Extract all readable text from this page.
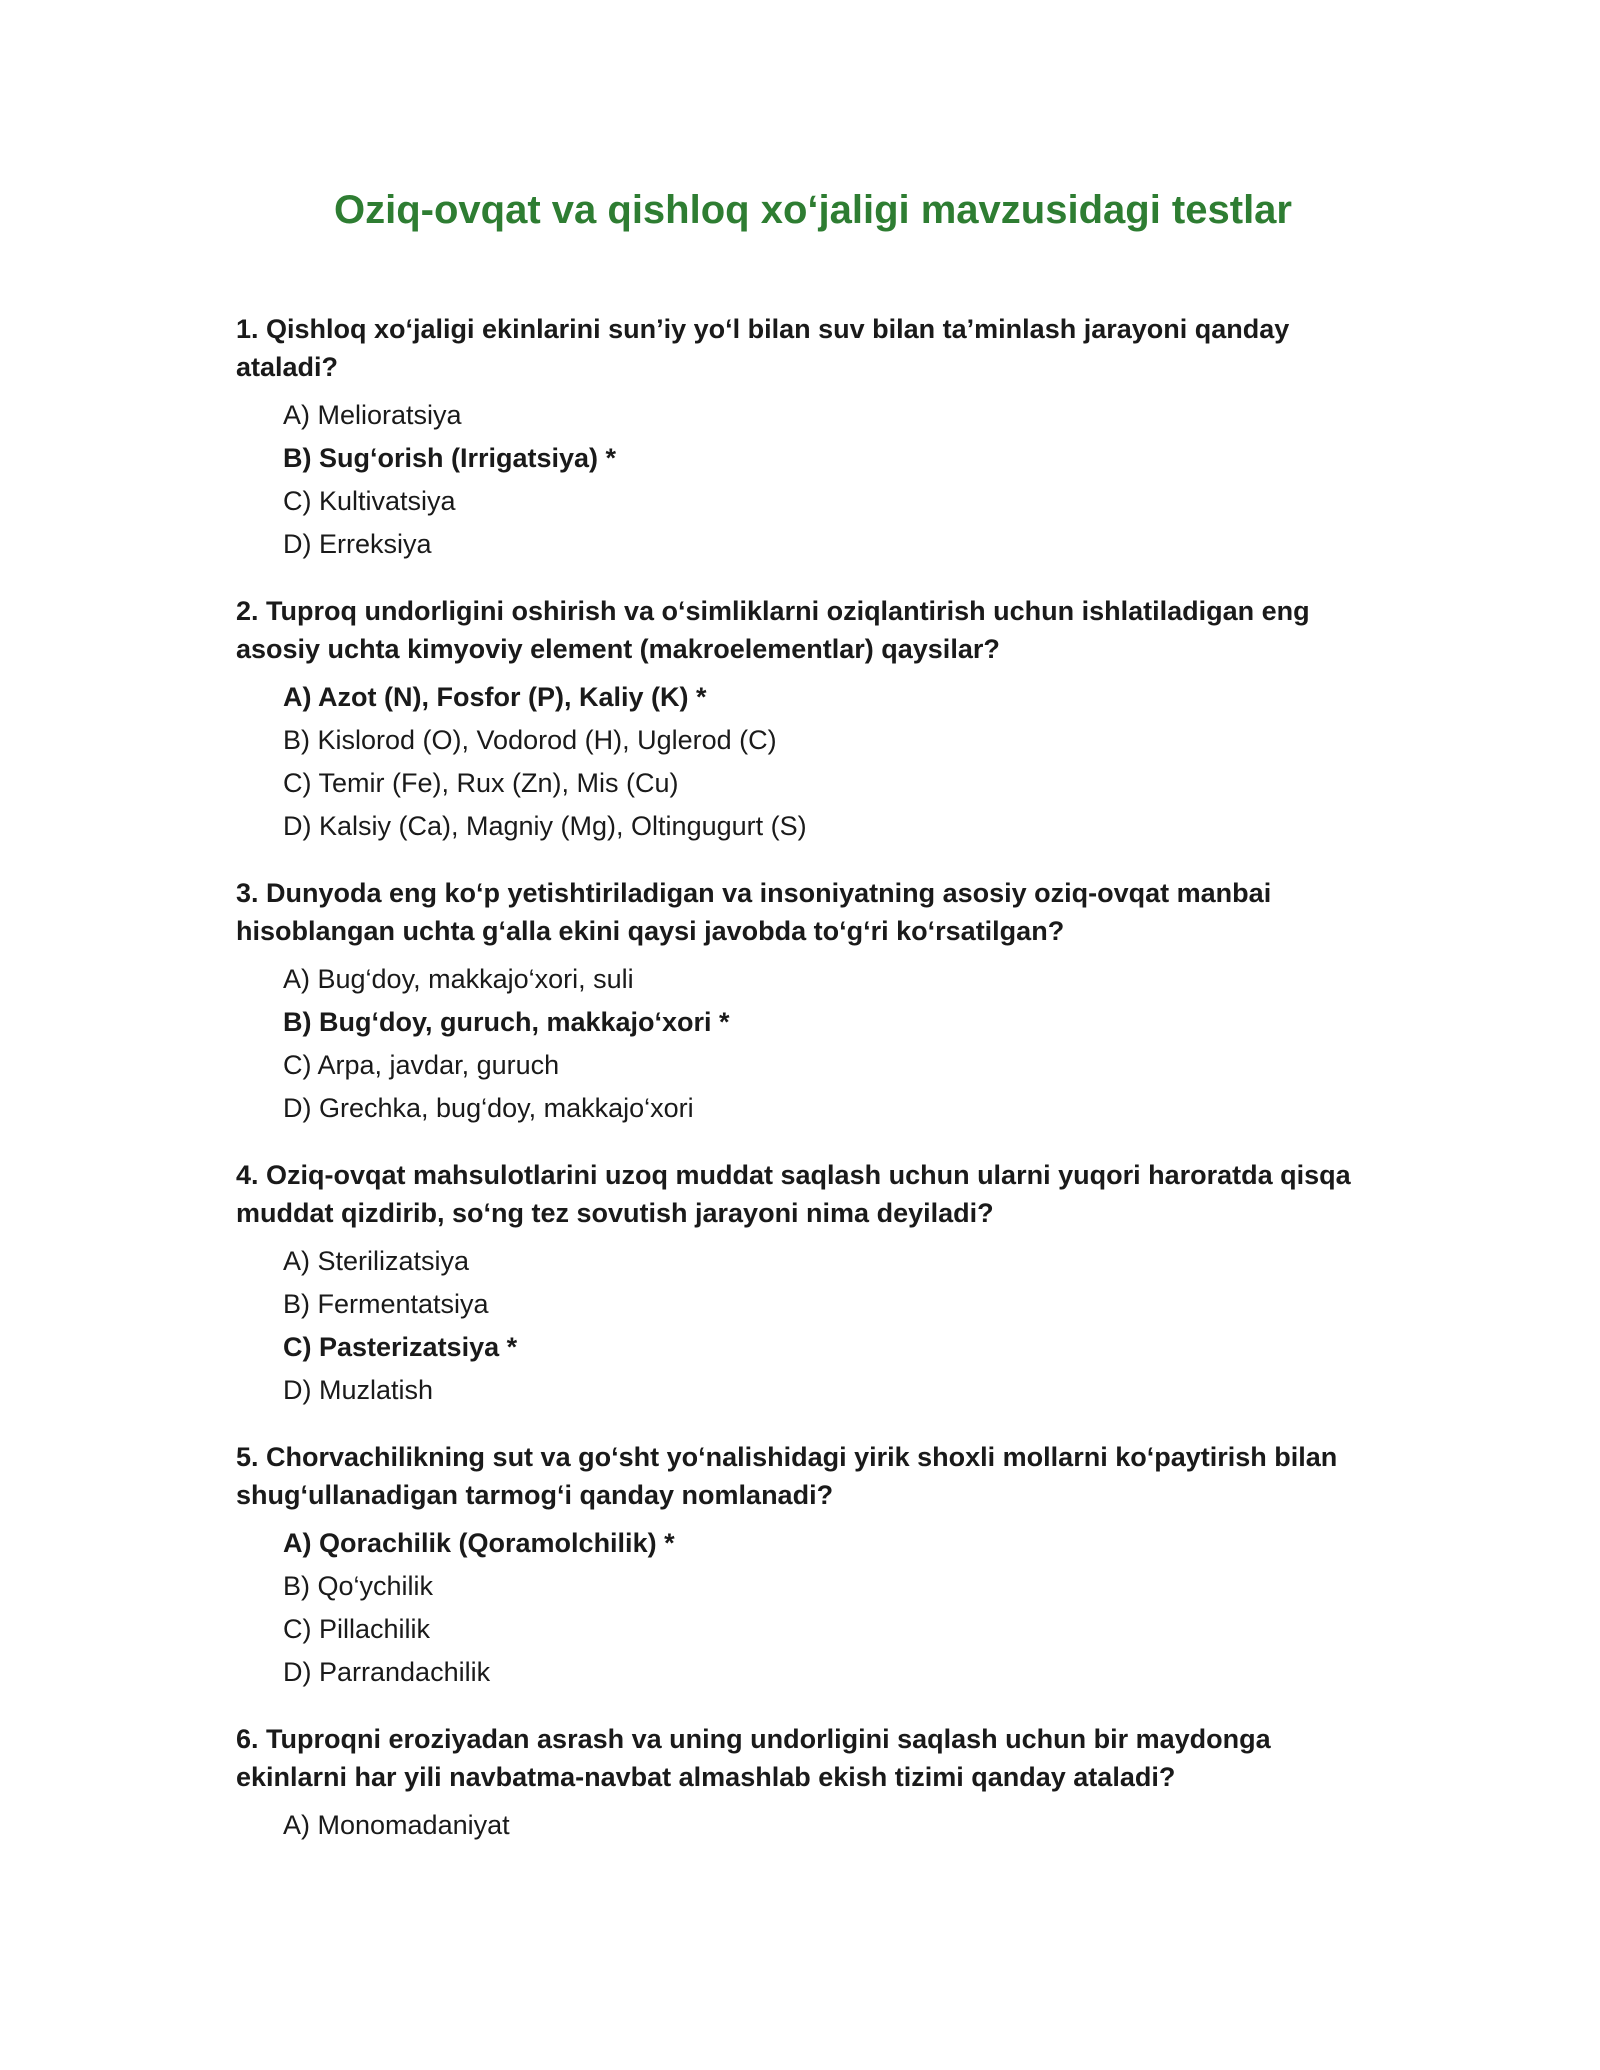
Oziq-ovqat va qishloq xo‘jaligi mavzusidagi testlar
1. Qishloq xo‘jaligi ekinlarini sun’iy yo‘l bilan suv bilan ta’minlash jarayoni qanday ataladi?
A) Melioratsiya
B) Sug‘orish (Irrigatsiya) *
C) Kultivatsiya
D) Erreksiya
2. Tuproq undorligini oshirish va o‘simliklarni oziqlantirish uchun ishlatiladigan eng asosiy uchta kimyoviy element (makroelementlar) qaysilar?
A) Azot (N), Fosfor (P), Kaliy (K) *
B) Kislorod (O), Vodorod (H), Uglerod (C)
C) Temir (Fe), Rux (Zn), Mis (Cu)
D) Kalsiy (Ca), Magniy (Mg), Oltingugurt (S)
3. Dunyoda eng ko‘p yetishtiriladigan va insoniyatning asosiy oziq-ovqat manbai hisoblangan uchta g‘alla ekini qaysi javobda to‘g‘ri ko‘rsatilgan?
A) Bug‘doy, makkajo‘xori, suli
B) Bug‘doy, guruch, makkajo‘xori *
C) Arpa, javdar, guruch
D) Grechka, bug‘doy, makkajo‘xori
4. Oziq-ovqat mahsulotlarini uzoq muddat saqlash uchun ularni yuqori haroratda qisqa muddat qizdirib, so‘ng tez sovutish jarayoni nima deyiladi?
A) Sterilizatsiya
B) Fermentatsiya
C) Pasterizatsiya *
D) Muzlatish
5. Chorvachilikning sut va go‘sht yo‘nalishidagi yirik shoxli mollarni ko‘paytirish bilan shug‘ullanadigan tarmog‘i qanday nomlanadi?
A) Qorachilik (Qoramolchilik) *
B) Qo‘ychilik
C) Pillachilik
D) Parrandachilik
6. Tuproqni eroziyadan asrash va uning undorligini saqlash uchun bir maydonga ekinlarni har yili navbatma-navbat almashlab ekish tizimi qanday ataladi?
A) Monomadaniyat
